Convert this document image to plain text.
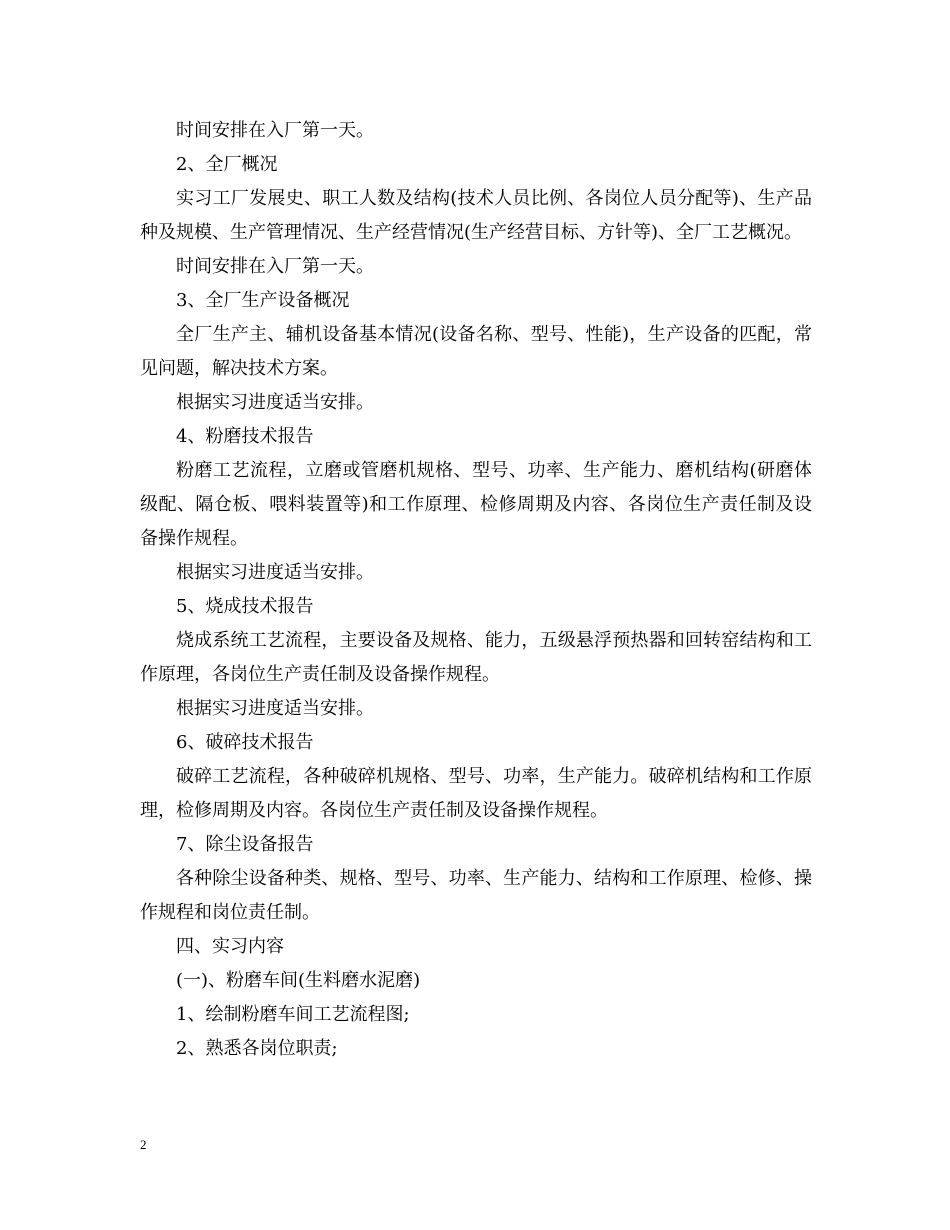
时间安排在入厂第一天。

2、全厂概况

实习工厂发展史、职工人数及结构(技术人员比例、各岗位人员分配等)、生产品种及规模、生产管理情况、生产经营情况(生产经营目标、方针等)、全厂工艺概况。

时间安排在入厂第一天。

3、全厂生产设备概况

全厂生产主、辅机设备基本情况(设备名称、型号、性能)，生产设备的匹配，常见问题，解决技术方案。

根据实习进度适当安排。

4、粉磨技术报告

粉磨工艺流程，立磨或管磨机规格、型号、功率、生产能力、磨机结构(研磨体级配、隔仓板、喂料装置等)和工作原理、检修周期及内容、各岗位生产责任制及设备操作规程。

根据实习进度适当安排。

5、烧成技术报告

烧成系统工艺流程，主要设备及规格、能力，五级悬浮预热器和回转窑结构和工作原理，各岗位生产责任制及设备操作规程。

根据实习进度适当安排。

6、破碎技术报告

破碎工艺流程，各种破碎机规格、型号、功率，生产能力。破碎机结构和工作原理，检修周期及内容。各岗位生产责任制及设备操作规程。

7、除尘设备报告

各种除尘设备种类、规格、型号、功率、生产能力、结构和工作原理、检修、操作规程和岗位责任制。

四、实习内容

(一)、粉磨车间(生料磨水泥磨)

1、绘制粉磨车间工艺流程图;

2、熟悉各岗位职责;

2
